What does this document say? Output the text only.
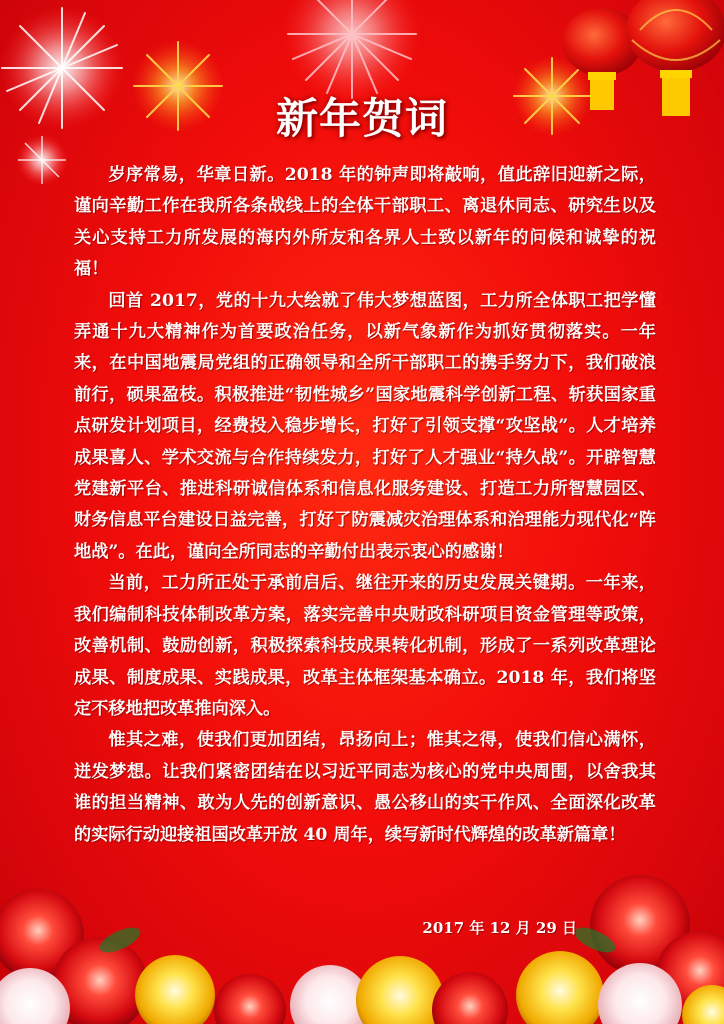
新年贺词

岁序常易，华章日新。2018 年的钟声即将敲响，值此辞旧迎新之际，谨向辛勤工作在我所各条战线上的全体干部职工、离退休同志、研究生以及关心支持工力所发展的海内外所友和各界人士致以新年的问候和诚挚的祝福！

回首 2017，党的十九大绘就了伟大梦想蓝图，工力所全体职工把学懂弄通十九大精神作为首要政治任务，以新气象新作为抓好贯彻落实。一年来，在中国地震局党组的正确领导和全所干部职工的携手努力下，我们破浪前行，硕果盈枝。积极推进“韧性城乡”国家地震科学创新工程、斩获国家重点研发计划项目，经费投入稳步增长，打好了引领支撑“攻坚战”。人才培养成果喜人、学术交流与合作持续发力，打好了人才强业“持久战”。开辟智慧党建新平台、推进科研诚信体系和信息化服务建设、打造工力所智慧园区、财务信息平台建设日益完善，打好了防震减灾治理体系和治理能力现代化“阵地战”。在此，谨向全所同志的辛勤付出表示衷心的感谢！

当前，工力所正处于承前启后、继往开来的历史发展关键期。一年来，我们编制科技体制改革方案，落实完善中央财政科研项目资金管理等政策，改善机制、鼓励创新，积极探索科技成果转化机制，形成了一系列改革理论成果、制度成果、实践成果，改革主体框架基本确立。2018 年，我们将坚定不移地把改革推向深入。

惟其之难，使我们更加团结，昂扬向上；惟其之得，使我们信心满怀，迸发梦想。让我们紧密团结在以习近平同志为核心的党中央周围，以舍我其谁的担当精神、敢为人先的创新意识、愚公移山的实干作风、全面深化改革的实际行动迎接祖国改革开放 40 周年，续写新时代辉煌的改革新篇章！

2017 年 12 月 29 日
